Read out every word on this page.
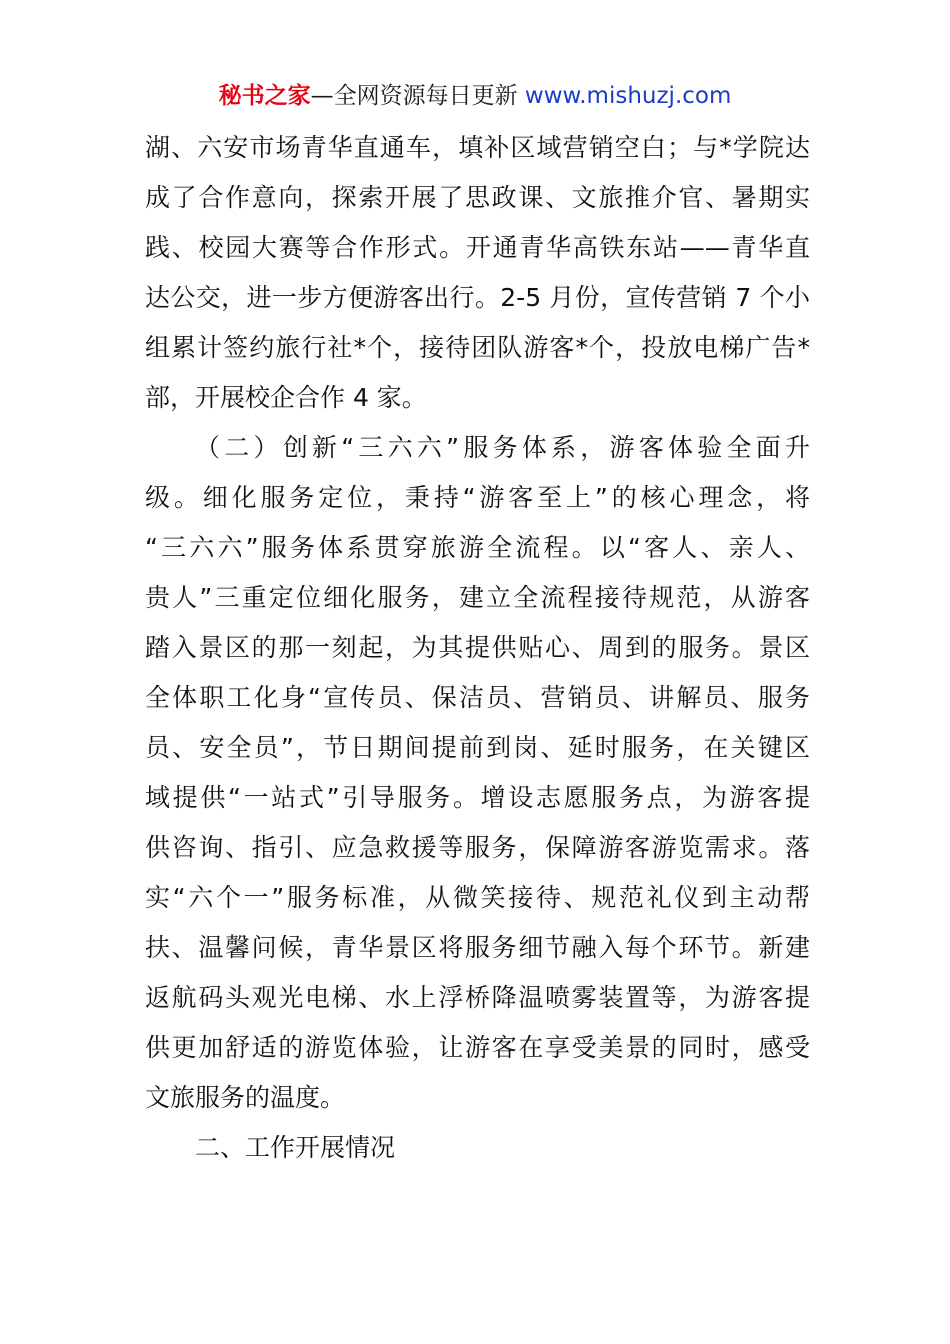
秘书之家—全网资源每日更新 www.mishuzj.com
湖、六安市场青华直通车，填补区域营销空白；与*学院达
成了合作意向，探索开展了思政课、文旅推介官、暑期实
践、校园大赛等合作形式。开通青华高铁东站——青华直
达公交，进一步方便游客出行。2-5 月份，宣传营销 7 个小
组累计签约旅行社*个，接待团队游客*个，投放电梯广告*
部，开展校企合作 4 家。
（二）创新“三六六”服务体系，游客体验全面升
级。细化服务定位，秉持“游客至上”的核心理念，将
“三六六”服务体系贯穿旅游全流程。以“客人、亲人、
贵人”三重定位细化服务，建立全流程接待规范，从游客
踏入景区的那一刻起，为其提供贴心、周到的服务。景区
全体职工化身“宣传员、保洁员、营销员、讲解员、服务
员、安全员”，节日期间提前到岗、延时服务，在关键区
域提供“一站式”引导服务。增设志愿服务点，为游客提
供咨询、指引、应急救援等服务，保障游客游览需求。落
实“六个一”服务标准，从微笑接待、规范礼仪到主动帮
扶、温馨问候，青华景区将服务细节融入每个环节。新建
返航码头观光电梯、水上浮桥降温喷雾装置等，为游客提
供更加舒适的游览体验，让游客在享受美景的同时，感受
文旅服务的温度。
二、工作开展情况
